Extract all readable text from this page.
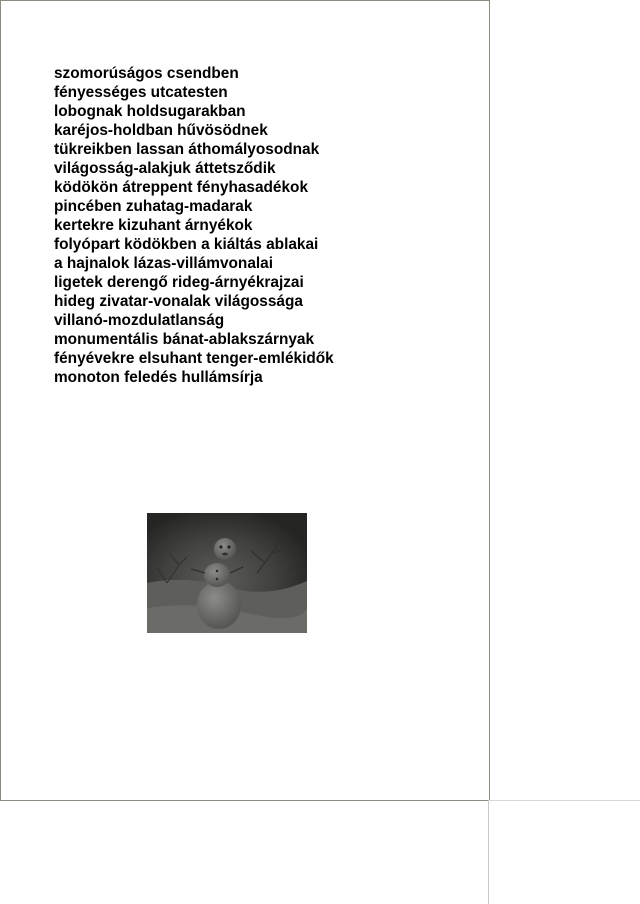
szomorúságos csendben
fényességes utcatesten
lobognak holdsugarakban
karéjos-holdban hűvösödnek
tükreikben lassan áthomályosodnak
világosság-alakjuk áttetsződik
ködökön átreppent fényhasadékok
pincében zuhatag-madarak
kertekre kizuhant árnyékok
folyópart ködökben a kiáltás ablakai
a hajnalok lázas-villámvonalai
ligetek derengő rideg-árnyékrajzai
hideg zivatar-vonalak világossága
villanó-mozdulatlanság
monumentális bánat-ablakszárnyak
fényévekre elsuhant tenger-emlékidők
monoton feledés hullámsírja
